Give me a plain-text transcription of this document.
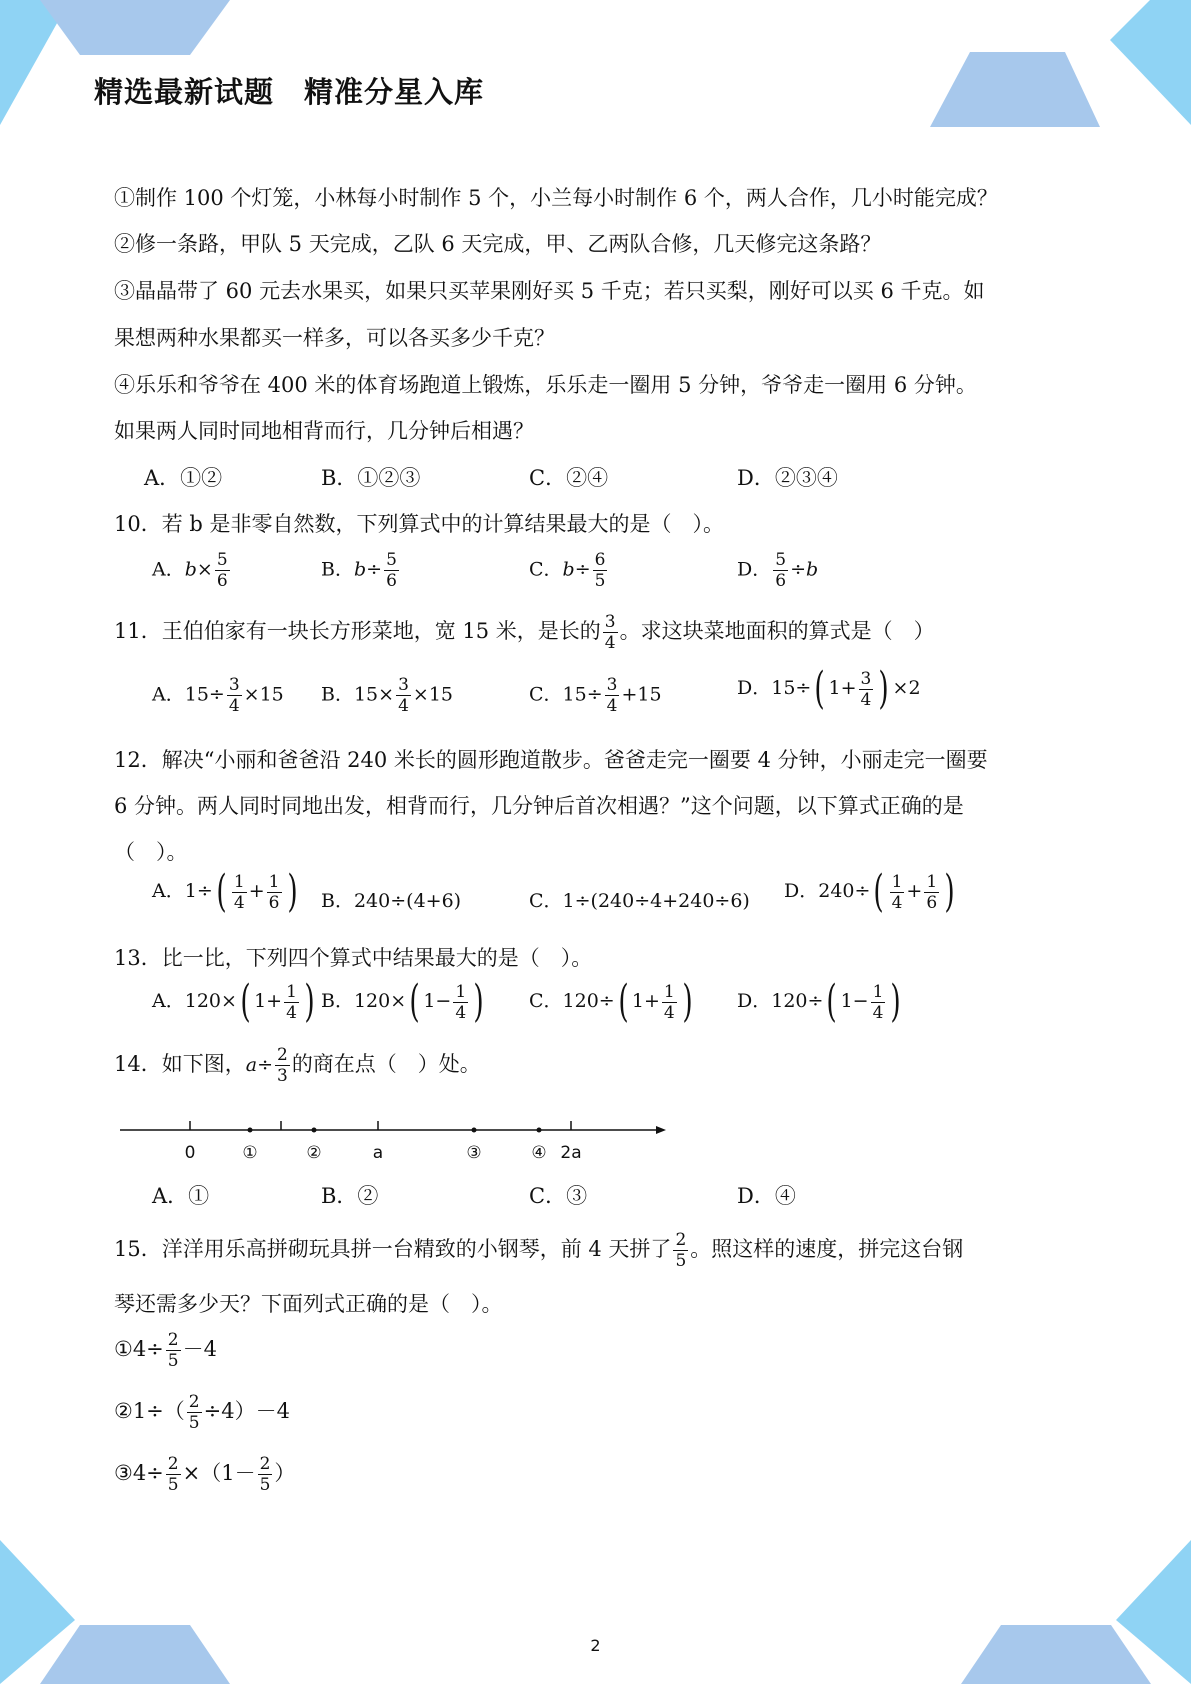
精选最新试题　精准分星入库
①制作 100 个灯笼，小林每小时制作 5 个，小兰每小时制作 6 个，两人合作，几小时能完成？
②修一条路，甲队 5 天完成，乙队 6 天完成，甲、乙两队合修，几天修完这条路？
③晶晶带了 60 元去水果买，如果只买苹果刚好买 5 千克；若只买梨，刚好可以买 6 千克。如
果想两种水果都买一样多，可以各买多少千克？
④乐乐和爷爷在 400 米的体育场跑道上锻炼，乐乐走一圈用 5 分钟，爷爷走一圈用 6 分钟。
如果两人同时同地相背而行，几分钟后相遇？
A．①②	B．①②③	C．②④	D．②③④
10．若 b 是非零自然数，下列算式中的计算结果最大的是（　）。
A．$b\times \frac{5}{6}$	B．$b\div \frac{5}{6}$	C．$b\div \frac{6}{5}$	D． $\frac{5}{6} \div b$
11．王伯伯家有一块长方形菜地，宽 15 米，是长的 $\frac{3}{4}$ 。求这块菜地面积的算式是（　）
A．$15\div \frac{3}{4} \times 15$ B．$15\times \frac{3}{4} \times 15$	C．$15\div \frac{3}{4} +15$	D．15÷( $1+ \frac{3}{4}$ ) ×2
12．解决“小丽和爸爸沿 240 米长的圆形跑道散步。爸爸走完一圈要 4 分钟，小丽走完一圈要
6 分钟。两人同时同地出发，相背而行，几分钟后首次相遇？”这个问题，以下算式正确的是
（　）。
A．$1\div( \frac{1}{4} + \frac{1}{6}$ ) B．240÷(4+6)	C．1÷(240÷4+240÷6) D．$240\div( \frac{1}{4} + \frac{1}{6}$ )
13．比一比，下列四个算式中结果最大的是（　）。
A．120×( $1+ \frac{1}{4}$ ) B．120×( $1- \frac{1}{4}$ ) C．120÷( $1+ \frac{1}{4}$ ) D．120÷( $1- \frac{1}{4}$ )
14．如下图，$a\div \frac{2}{3}$ 的商在点（　）处。
0	①	②	a	③	④ 2a
A．①	B．②	C．③	D．④
15．洋洋用乐高拼砌玩具拼一台精致的小钢琴，前 4 天拼了 $\frac{2}{5}$ 。照这样的速度，拼完这台钢
琴还需多少天？下面列式正确的是（　）。
①4÷ $\frac{2}{5} -4$
②1÷（ $\frac{2}{5} \div 4)-4$
③4÷ $\frac{2}{5} \times(1- \frac{2}{5}$ ）
2
